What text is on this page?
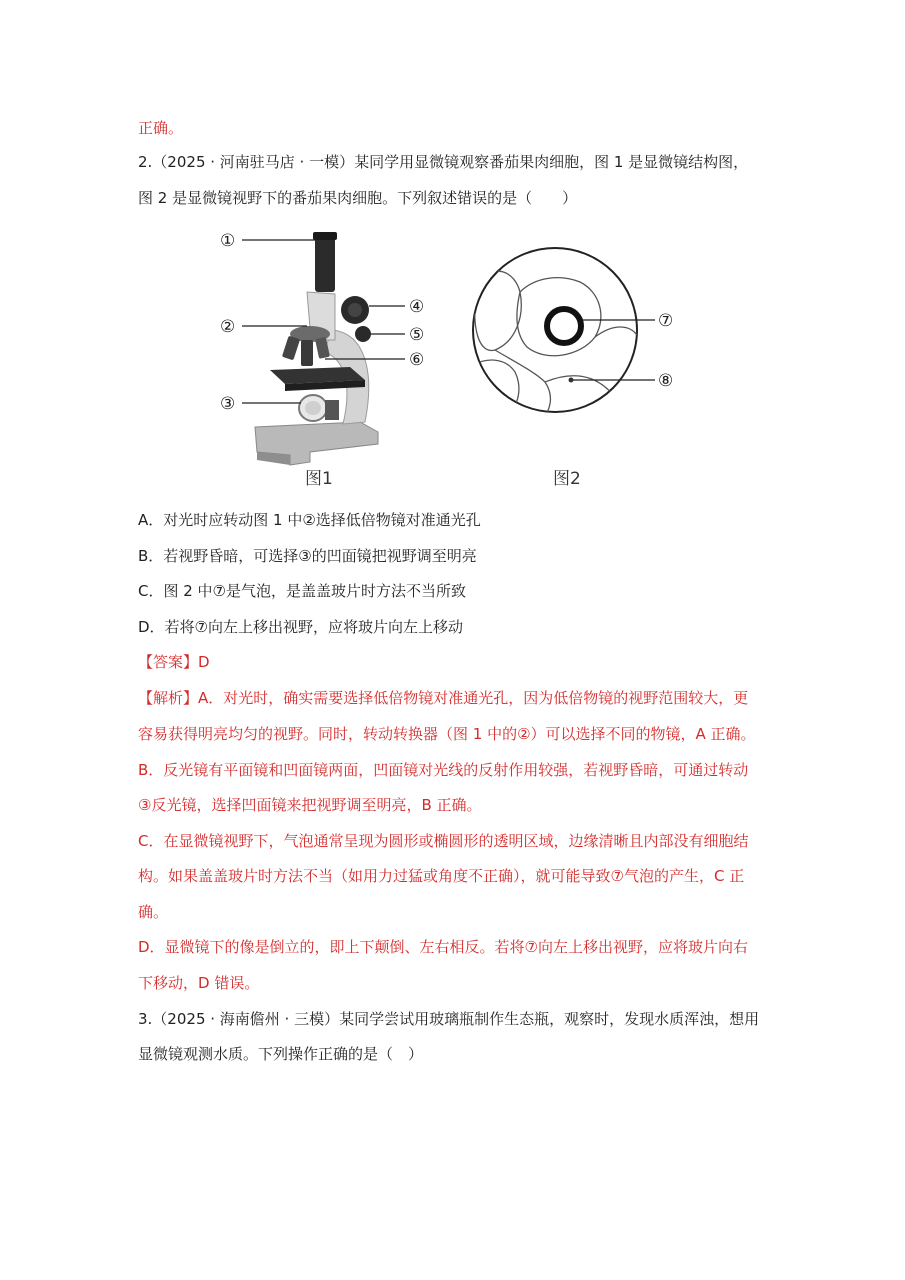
正确。
2.（2025 · 河南驻马店 · 一模）某同学用显微镜观察番茄果肉细胞，图 1 是显微镜结构图，
图 2 是显微镜视野下的番茄果肉细胞。下列叙述错误的是（　　）
①
②
③
④
⑤
⑥
图1
⑦
⑧
图2
A．对光时应转动图 1 中②选择低倍物镜对准通光孔
B．若视野昏暗，可选择③的凹面镜把视野调至明亮
C．图 2 中⑦是气泡，是盖盖玻片时方法不当所致
D．若将⑦向左上移出视野，应将玻片向左上移动
【答案】D
【解析】A．对光时，确实需要选择低倍物镜对准通光孔，因为低倍物镜的视野范围较大，更
容易获得明亮均匀的视野。同时，转动转换器（图 1 中的②）可以选择不同的物镜，A 正确。
B．反光镜有平面镜和凹面镜两面，凹面镜对光线的反射作用较强，若视野昏暗，可通过转动
③反光镜，选择凹面镜来把视野调至明亮，B 正确。
C．在显微镜视野下，气泡通常呈现为圆形或椭圆形的透明区域，边缘清晰且内部没有细胞结
构。如果盖盖玻片时方法不当（如用力过猛或角度不正确），就可能导致⑦气泡的产生，C 正
确。
D．显微镜下的像是倒立的，即上下颠倒、左右相反。若将⑦向左上移出视野，应将玻片向右
下移动，D 错误。
3.（2025 · 海南儋州 · 三模）某同学尝试用玻璃瓶制作生态瓶，观察时，发现水质浑浊，想用
显微镜观测水质。下列操作正确的是（　）
